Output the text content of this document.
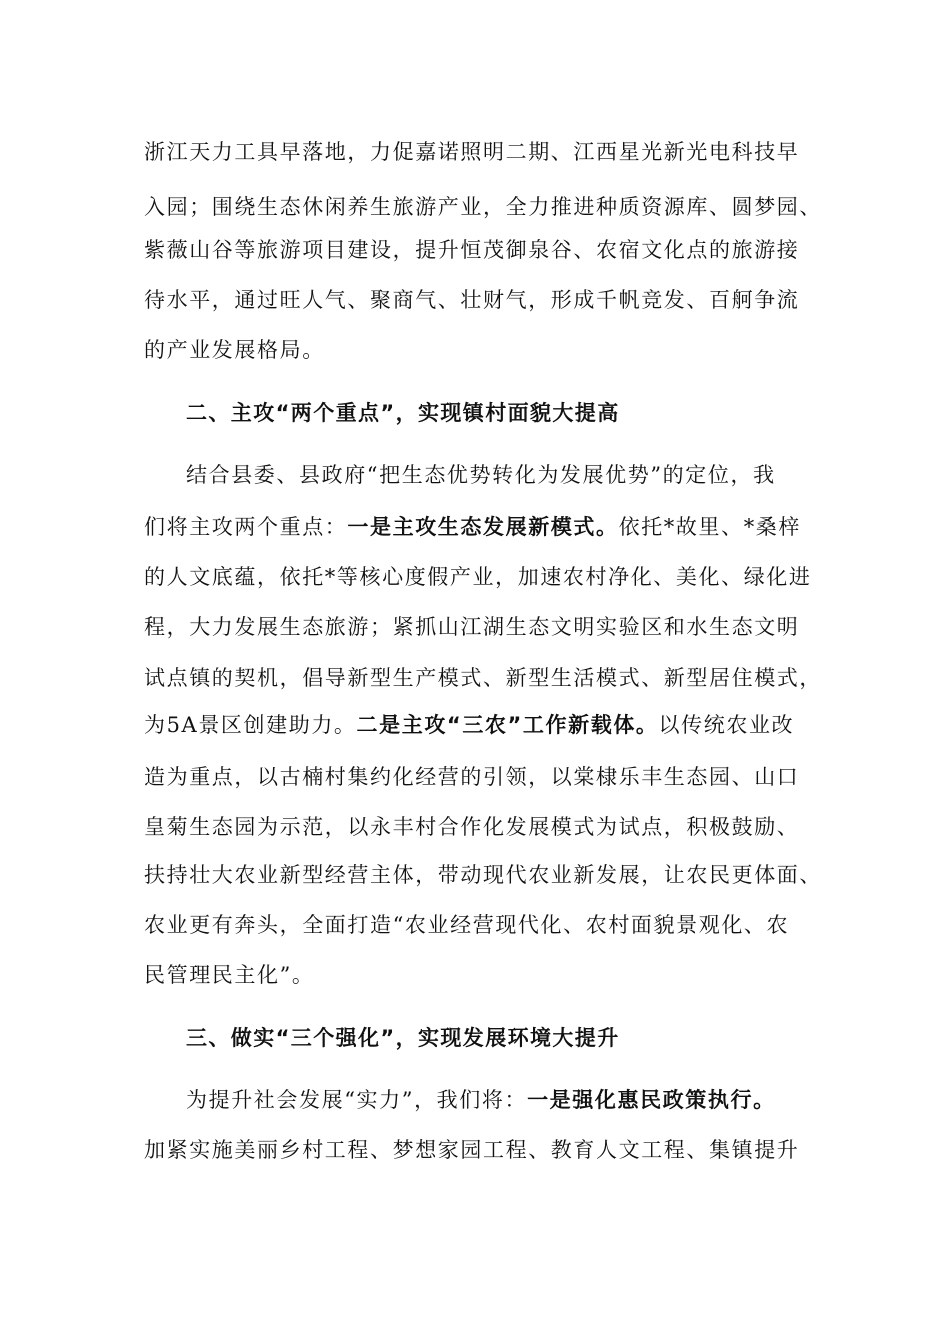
浙江天力工具早落地，力促嘉诺照明二期、江西星光新光电科技早
入园；围绕生态休闲养生旅游产业，全力推进种质资源库、圆梦园、
紫薇山谷等旅游项目建设，提升恒茂御泉谷、农宿文化点的旅游接
待水平，通过旺人气、聚商气、壮财气，形成千帆竞发、百舸争流
的产业发展格局。
二、主攻“两个重点”，实现镇村面貌大提高
结合县委、县政府“把生态优势转化为发展优势”的定位，我
们将主攻两个重点：一是主攻生态发展新模式。依托*故里、*桑梓
的人文底蕴，依托*等核心度假产业，加速农村净化、美化、绿化进
程，大力发展生态旅游；紧抓山江湖生态文明实验区和水生态文明
试点镇的契机，倡导新型生产模式、新型生活模式、新型居住模式，
为5A景区创建助力。二是主攻“三农”工作新载体。以传统农业改
造为重点，以古楠村集约化经营的引领，以棠棣乐丰生态园、山口
皇菊生态园为示范，以永丰村合作化发展模式为试点，积极鼓励、
扶持壮大农业新型经营主体，带动现代农业新发展，让农民更体面、
农业更有奔头，全面打造“农业经营现代化、农村面貌景观化、农
民管理民主化”。
三、做实“三个强化”，实现发展环境大提升
为提升社会发展“实力”，我们将：一是强化惠民政策执行。
加紧实施美丽乡村工程、梦想家园工程、教育人文工程、集镇提升
